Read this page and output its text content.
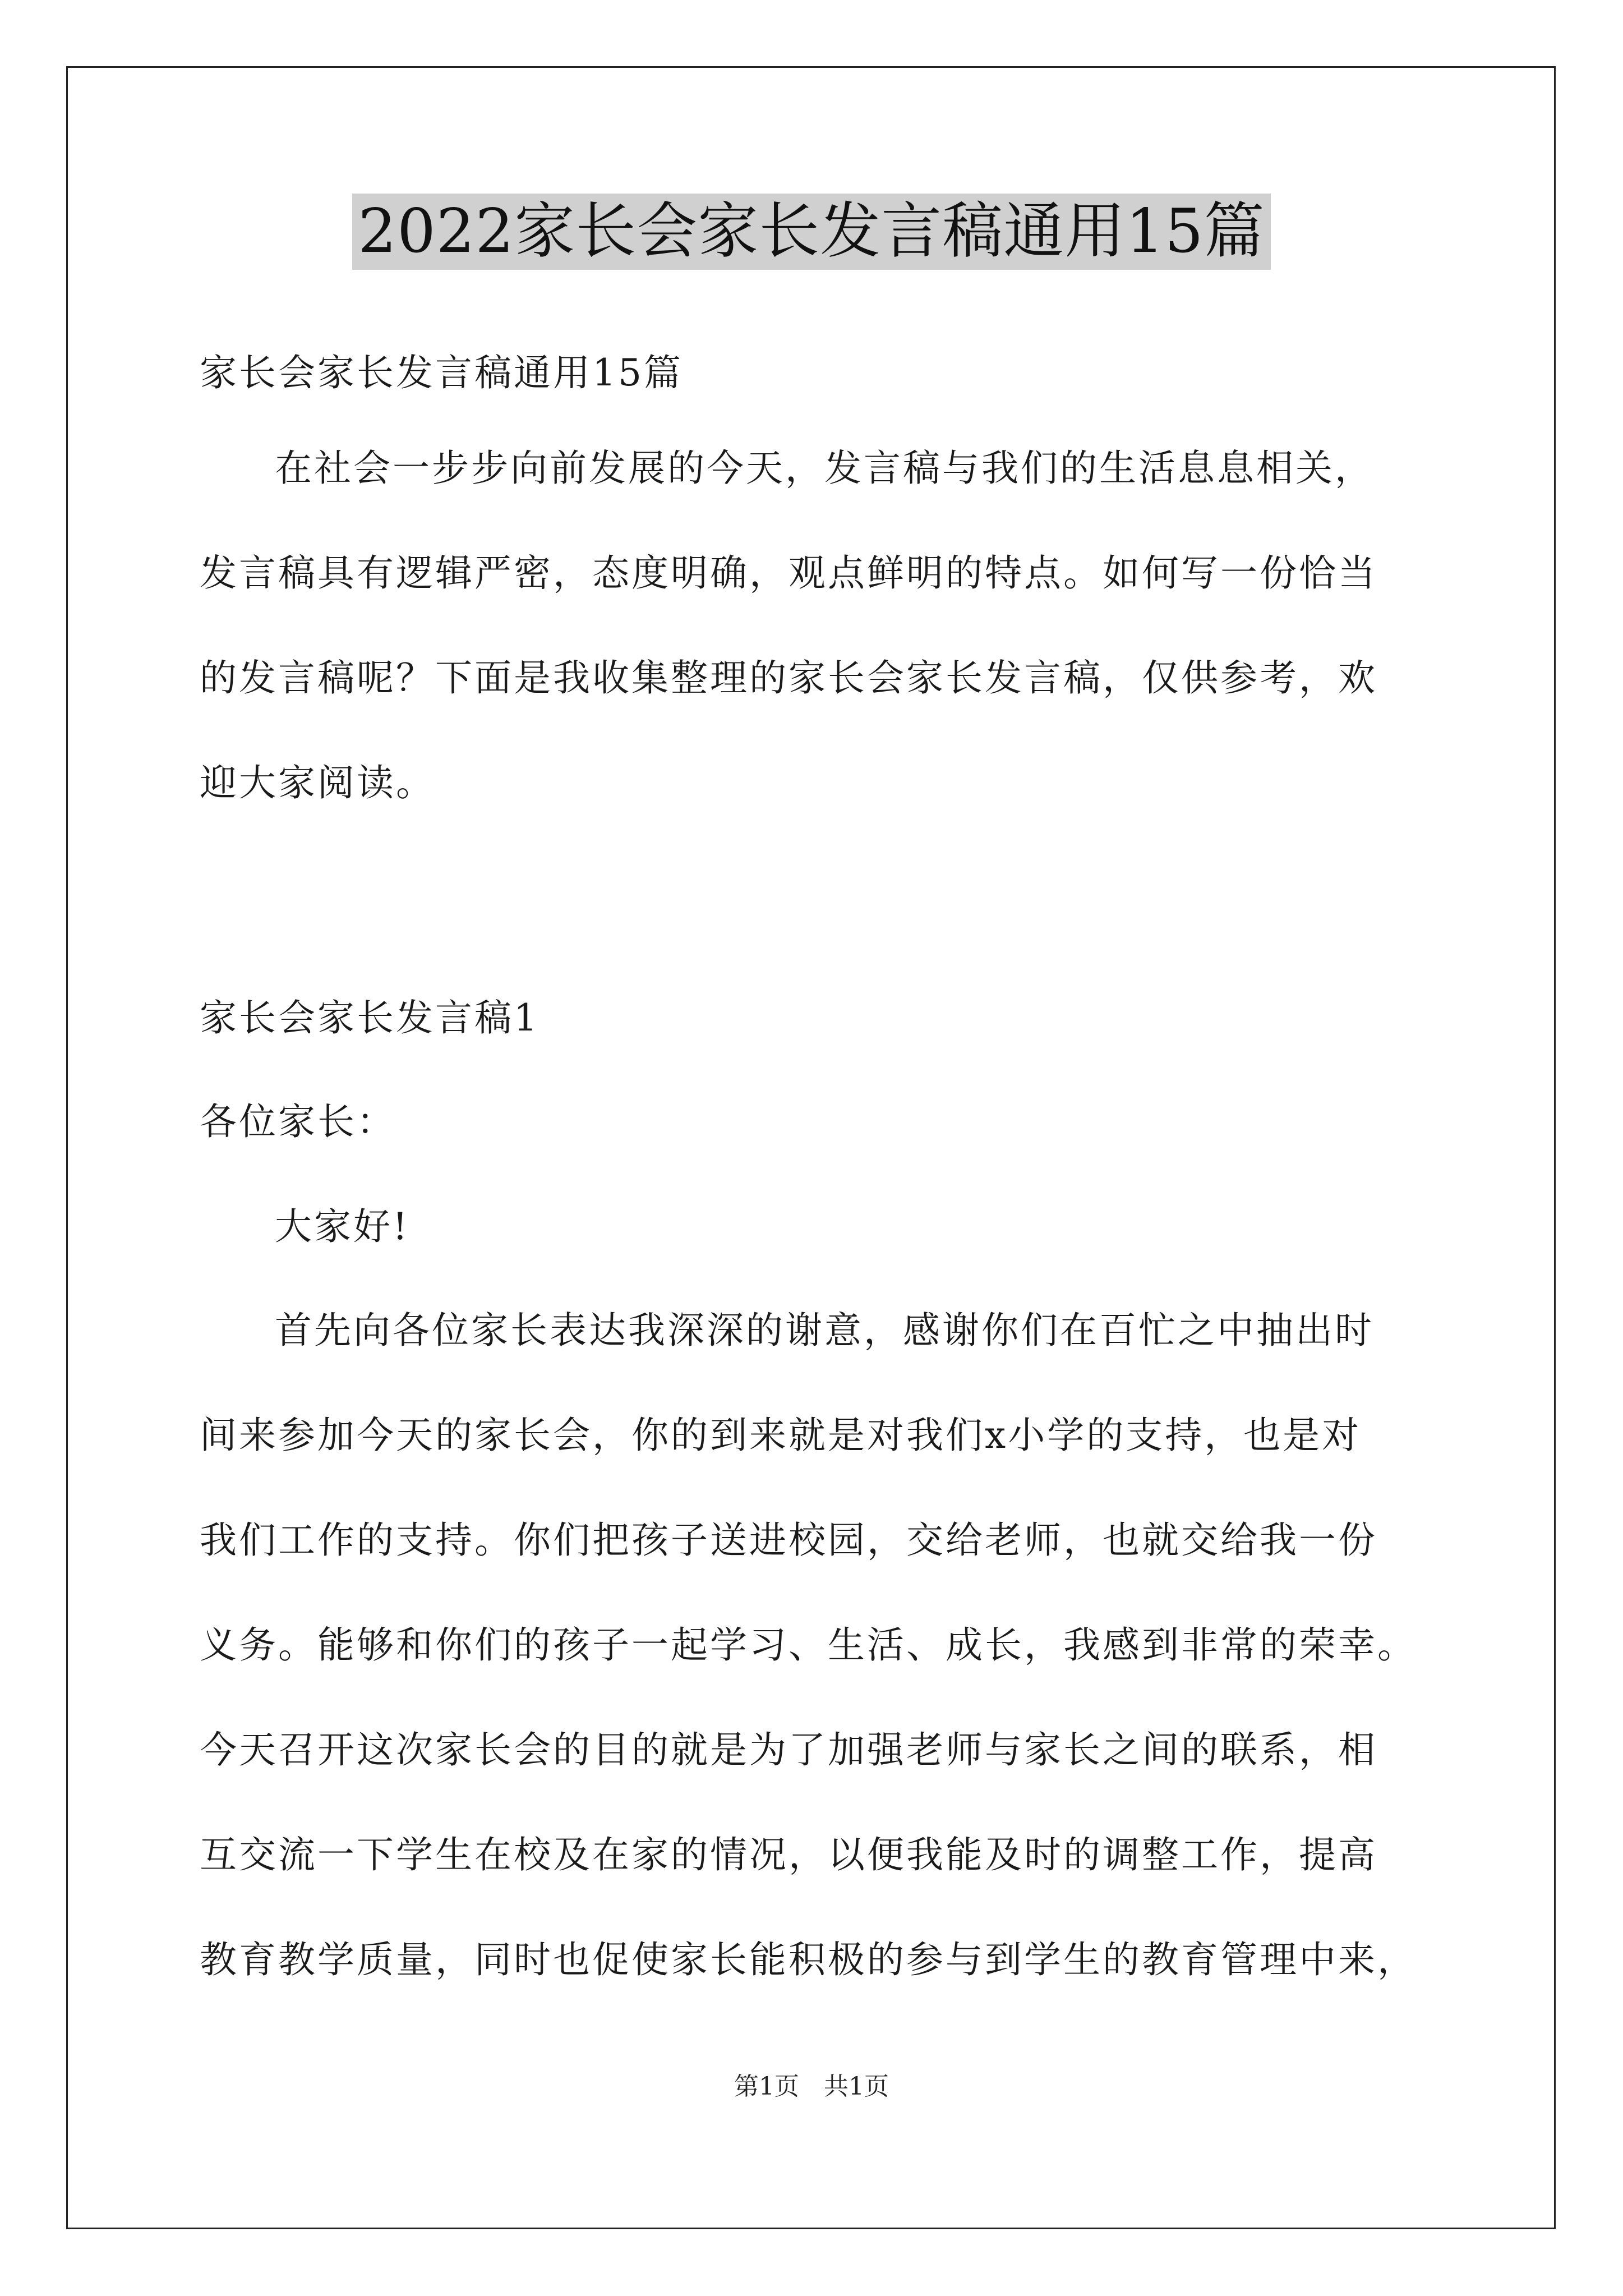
2022家长会家长发言稿通用15篇
家长会家长发言稿通用15篇
在社会一步步向前发展的今天，发言稿与我们的生活息息相关，
发言稿具有逻辑严密，态度明确，观点鲜明的特点。如何写一份恰当
的发言稿呢？下面是我收集整理的家长会家长发言稿，仅供参考，欢
迎大家阅读。
家长会家长发言稿1
各位家长：
大家好!
首先向各位家长表达我深深的谢意，感谢你们在百忙之中抽出时
间来参加今天的家长会，你的到来就是对我们x小学的支持，也是对
我们工作的支持。你们把孩子送进校园，交给老师，也就交给我一份
义务。能够和你们的孩子一起学习、生活、成长，我感到非常的荣幸。
今天召开这次家长会的目的就是为了加强老师与家长之间的联系，相
互交流一下学生在校及在家的情况，以便我能及时的调整工作，提高
教育教学质量，同时也促使家长能积极的参与到学生的教育管理中来，
第1页　共1页
